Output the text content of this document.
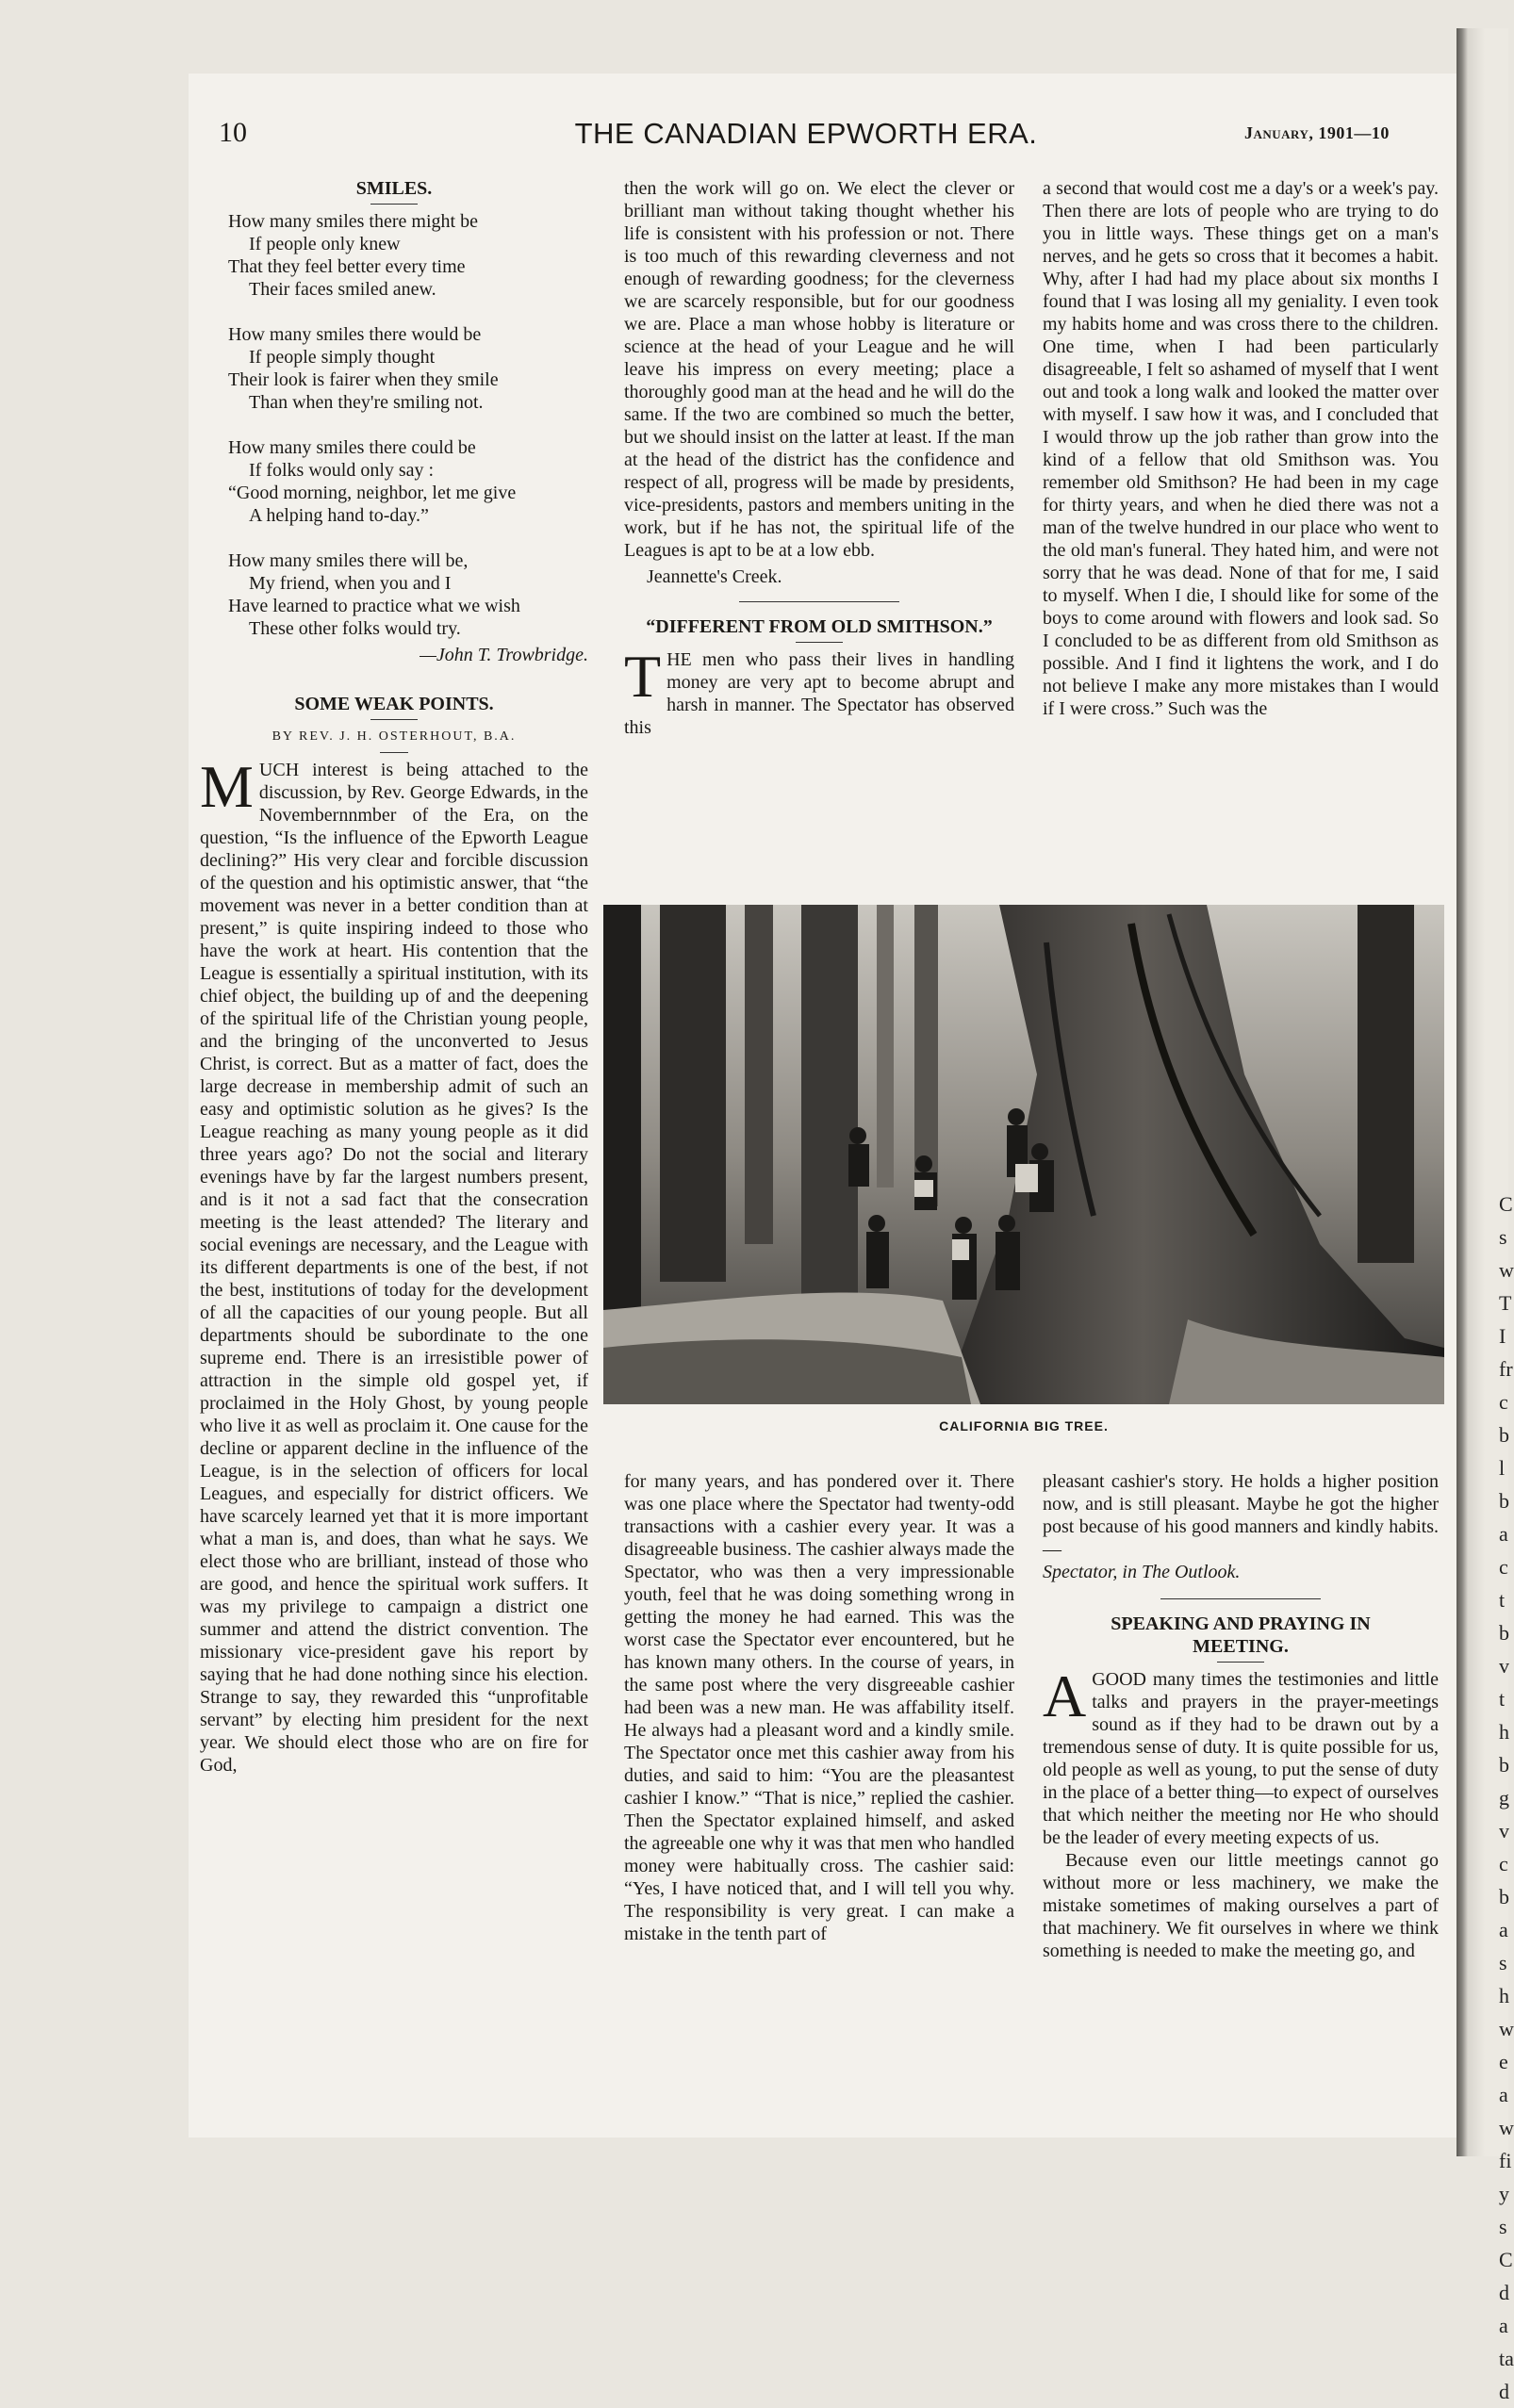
C
s
w
T
I
fr
c
b
l
b
a
c
t
b
v
t
h
b
g
v
c
b
a
s
h
w
e
a
w
fi
y
s
C
d
a
ta
d
10	THE CANADIAN EPWORTH ERA.	January, 1901—10
SMILES.
How many smiles there might be
If people only knew
That they feel better every time
Their faces smiled anew.
How many smiles there would be
If people simply thought
Their look is fairer when they smile
Than when they're smiling not.
How many smiles there could be
If folks would only say :
“Good morning, neighbor, let me give
A helping hand to-day.”
How many smiles there will be,
My friend, when you and I
Have learned to practice what we wish
These other folks would try.
—John T. Trowbridge.
SOME WEAK POINTS.
BY REV. J. H. OSTERHOUT, B.A.

MUCH interest is being attached to the discussion, by Rev. George Edwards, in the Novembernnmber of the Era, on the question, “Is the influence of the Epworth League declining?” His very clear and forcible discussion of the question and his optimistic answer, that “the movement was never in a better condition than at present,” is quite inspiring indeed to those who have the work at heart. His contention that the League is essentially a spiritual institution, with its chief object, the building up of and the deepening of the spiritual life of the Christian young people, and the bringing of the unconverted to Jesus Christ, is correct. But as a matter of fact, does the large decrease in membership admit of such an easy and optimistic solution as he gives? Is the League reaching as many young people as it did three years ago? Do not the social and literary evenings have by far the largest numbers present, and is it not a sad fact that the consecration meeting is the least attended? The literary and social evenings are necessary, and the League with its different departments is one of the best, if not the best, institutions of today for the development of all the capacities of our young people. But all departments should be subordinate to the one supreme end. There is an irresistible power of attraction in the simple old gospel yet, if proclaimed in the Holy Ghost, by young people who live it as well as proclaim it. One cause for the decline or apparent decline in the influence of the League, is in the selection of officers for local Leagues, and especially for district officers. We have scarcely learned yet that it is more important what a man is, and does, than what he says. We elect those who are brilliant, instead of those who are good, and hence the spiritual work suffers. It was my privilege to campaign a district one summer and attend the district convention. The missionary vice-president gave his report by saying that he had done nothing since his election. Strange to say, they rewarded this “unprofitable servant” by electing him president for the next year. We should elect those who are on fire for God,

then the work will go on. We elect the clever or brilliant man without taking thought whether his life is consistent with his profession or not. There is too much of this rewarding cleverness and not enough of rewarding goodness; for the cleverness we are scarcely responsible, but for our goodness we are. Place a man whose hobby is literature or science at the head of your League and he will leave his impress on every meeting; place a thoroughly good man at the head and he will do the same. If the two are combined so much the better, but we should insist on the latter at least. If the man at the head of the district has the confidence and respect of all, progress will be made by presidents, vice-presidents, pastors and members uniting in the work, but if he has not, the spiritual life of the Leagues is apt to be at a low ebb.

Jeannette's Creek.

“DIFFERENT FROM OLD SMITHSON.”

THE men who pass their lives in handling money are very apt to become abrupt and harsh in manner. The Spectator has observed this

a second that would cost me a day's or a week's pay. Then there are lots of people who are trying to do you in little ways. These things get on a man's nerves, and he gets so cross that it becomes a habit. Why, after I had had my place about six months I found that I was losing all my geniality. I even took my habits home and was cross there to the children. One time, when I had been particularly disagreeable, I felt so ashamed of myself that I went out and took a long walk and looked the matter over with myself. I saw how it was, and I concluded that I would throw up the job rather than grow into the kind of a fellow that old Smithson was. You remember old Smithson? He had been in my cage for thirty years, and when he died there was not a man of the twelve hundred in our place who went to the old man's funeral. They hated him, and were not sorry that he was dead. None of that for me, I said to myself. When I die, I should like for some of the boys to come around with flowers and look sad. So I concluded to be as different from old Smithson as possible. And I find it lightens the work, and I do not believe I make any more mistakes than I would if I were cross.” Such was the

CALIFORNIA BIG TREE.

for many years, and has pondered over it. There was one place where the Spectator had twenty-odd transactions with a cashier every year. It was a disagreeable business. The cashier always made the Spectator, who was then a very impressionable youth, feel that he was doing something wrong in getting the money he had earned. This was the worst case the Spectator ever encountered, but he has known many others. In the course of years, in the same post where the very disgreeable cashier had been was a new man. He was affability itself. He always had a pleasant word and a kindly smile. The Spectator once met this cashier away from his duties, and said to him: “You are the pleasantest cashier I know.” “That is nice,” replied the cashier. Then the Spectator explained himself, and asked the agreeable one why it was that men who handled money were habitually cross. The cashier said: “Yes, I have noticed that, and I will tell you why. The responsibility is very great. I can make a mistake in the tenth part of

pleasant cashier's story. He holds a higher position now, and is still pleasant. Maybe he got the higher post because of his good manners and kindly habits.—
Spectator, in The Outlook.

SPEAKING AND PRAYING IN
MEETING.

AGOOD many times the testimonies and little talks and prayers in the prayer-meetings sound as if they had to be drawn out by a tremendous sense of duty. It is quite possible for us, old people as well as young, to put the sense of duty in the place of a better thing—to expect of ourselves that which neither the meeting nor He who should be the leader of every meeting expects of us.

Because even our little meetings cannot go without more or less machinery, we make the mistake sometimes of making ourselves a part of that machinery. We fit ourselves in where we think something is needed to make the meeting go, and
